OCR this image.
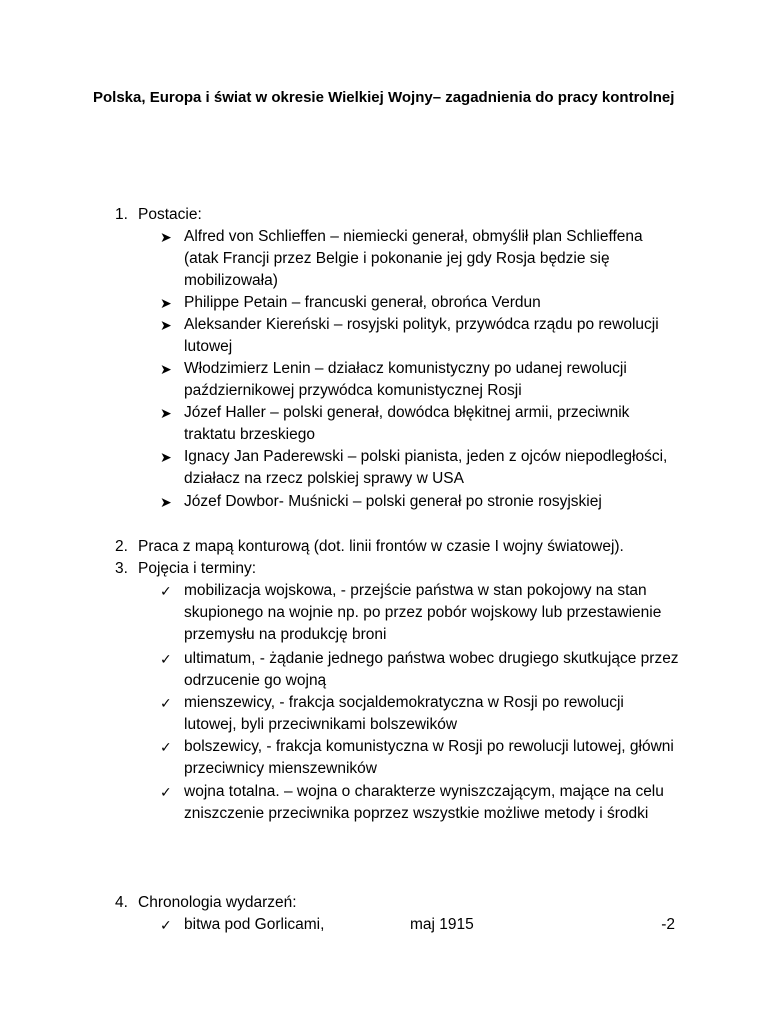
Polska, Europa i świat w okresie Wielkiej Wojny– zagadnienia do pracy kontrolnej
1. Postacie:
➤ Alfred von Schlieffen – niemiecki generał, obmyślił plan Schlieffena (atak Francji przez Belgie i pokonanie jej gdy Rosja będzie się mobilizowała)
➤ Philippe Petain – francuski generał, obrońca Verdun
➤ Aleksander Kiereński – rosyjski polityk, przywódca rządu po rewolucji lutowej
➤ Włodzimierz Lenin – działacz komunistyczny po udanej rewolucji październikowej przywódca komunistycznej Rosji
➤ Józef Haller – polski generał, dowódca błękitnej armii, przeciwnik traktatu brzeskiego
➤ Ignacy Jan Paderewski – polski pianista, jeden z ojców niepodległości, działacz na rzecz polskiej sprawy w USA
➤ Józef Dowbor- Muśnicki – polski generał po stronie rosyjskiej
2. Praca z mapą konturową (dot. linii frontów w czasie I wojny światowej).
3. Pojęcia i terminy:
✓ mobilizacja wojskowa, - przejście państwa w stan pokojowy na stan skupionego na wojnie np. po przez pobór wojskowy lub przestawienie przemysłu na produkcję broni
✓ ultimatum, - żądanie jednego państwa wobec drugiego skutkujące przez odrzucenie go wojną
✓ mienszewicy, - frakcja socjaldemokratyczna w Rosji po rewolucji lutowej, byli przeciwnikami bolszewików
✓ bolszewicy, - frakcja komunistyczna w Rosji po rewolucji lutowej, główni przeciwnicy mienszewników
✓ wojna totalna. – wojna o charakterze wyniszczającym, mające na celu zniszczenie przeciwnika poprzez wszystkie możliwe metody i środki
4. Chronologia wydarzeń:
✓ bitwa pod Gorlicami,	maj 1915	-2
